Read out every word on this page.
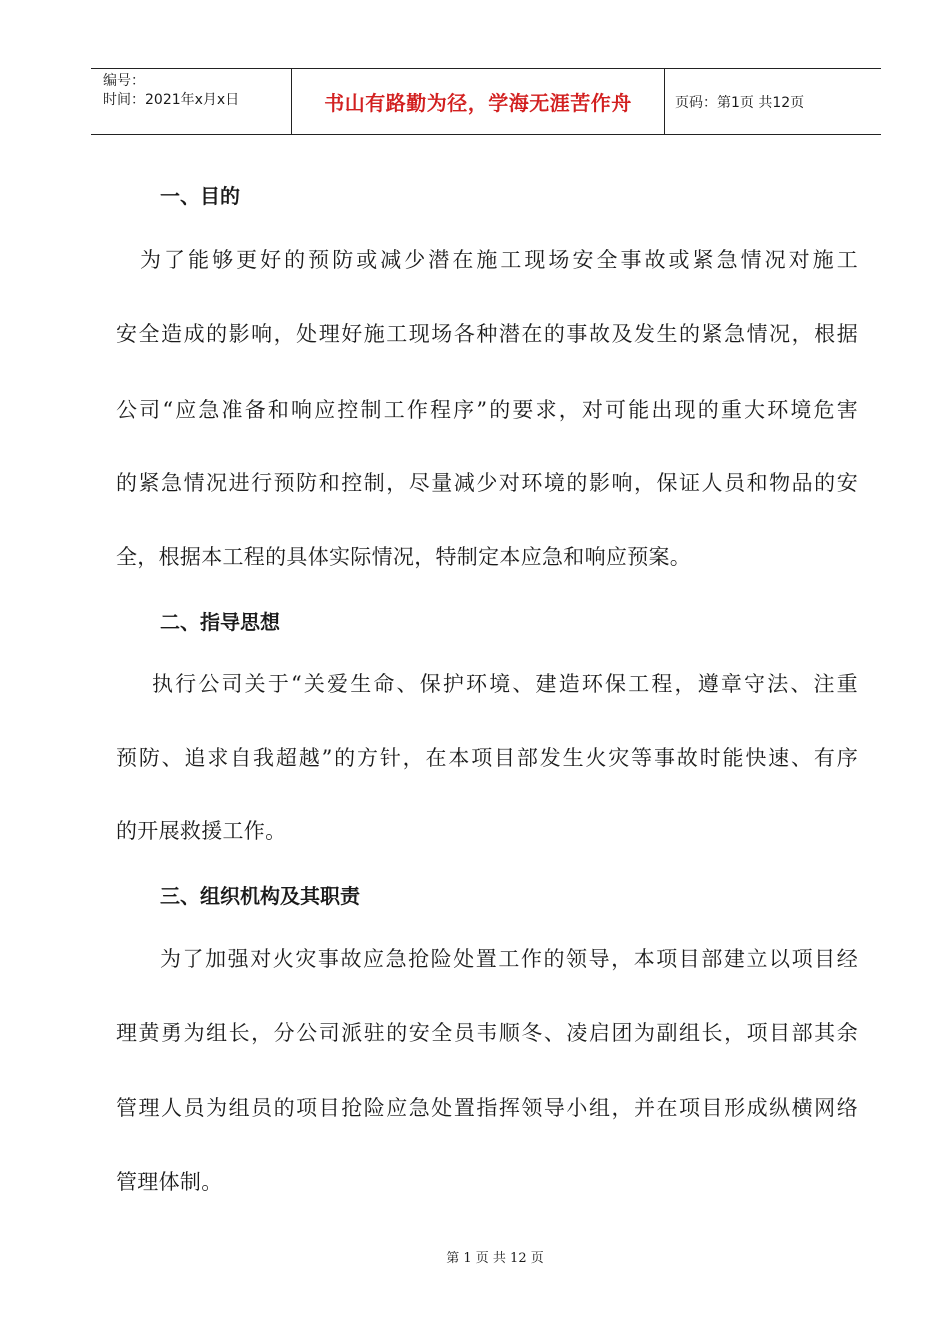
编号：
时间：2021年x月x日	书山有路勤为径，学海无涯苦作舟	页码：第1页 共12页
一、目的
　为了能够更好的预防或减少潜在施工现场安全事故或紧急情况对施工
安全造成的影响，处理好施工现场各种潜在的事故及发生的紧急情况，根据
公司“应急准备和响应控制工作程序”的要求，对可能出现的重大环境危害
的紧急情况进行预防和控制，尽量减少对环境的影响，保证人员和物品的安
全，根据本工程的具体实际情况，特制定本应急和响应预案。
二、指导思想
执行公司关于“关爱生命、保护环境、建造环保工程，遵章守法、注重
预防、追求自我超越”的方针，在本项目部发生火灾等事故时能快速、有序
的开展救援工作。
三、组织机构及其职责
为了加强对火灾事故应急抢险处置工作的领导，本项目部建立以项目经
理黄勇为组长，分公司派驻的安全员韦顺冬、凌启团为副组长，项目部其余
管理人员为组员的项目抢险应急处置指挥领导小组，并在项目形成纵横网络
管理体制。
第 1 页 共 12 页
